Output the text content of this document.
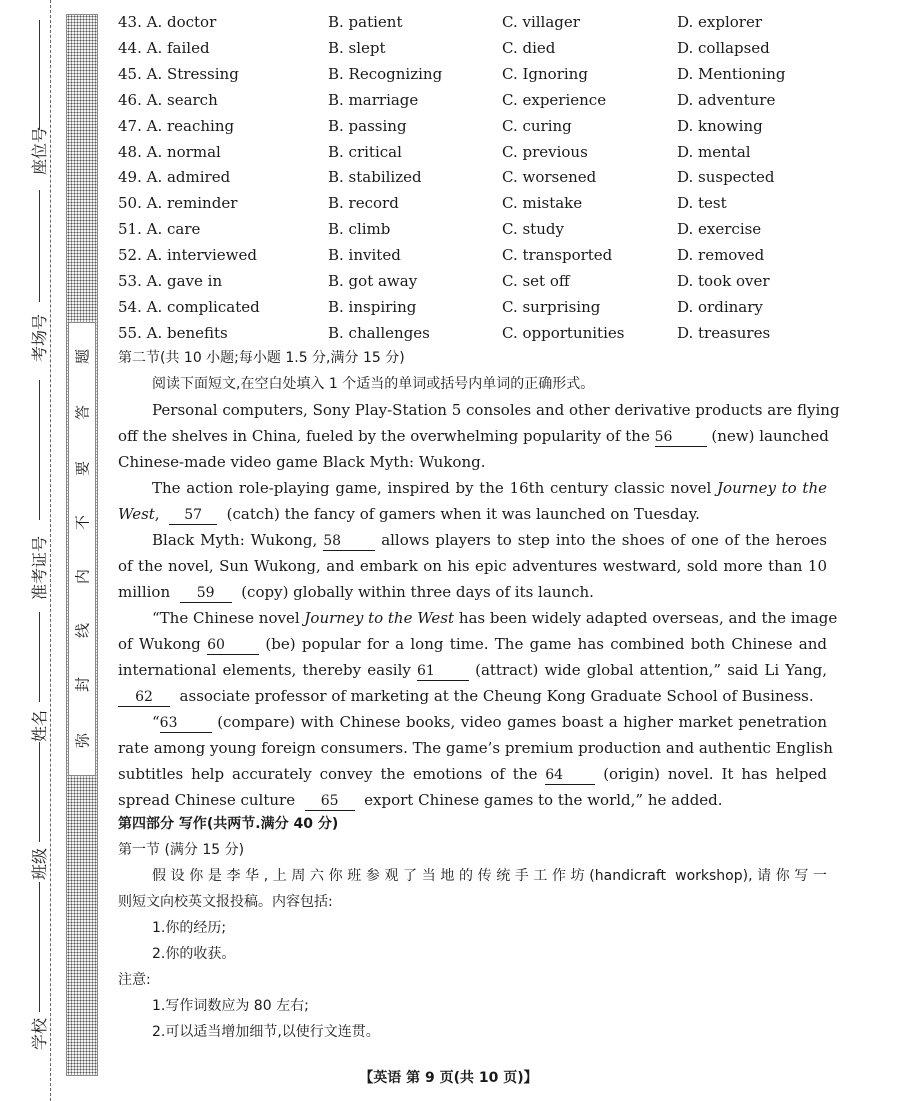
座位号
考场号
准考证号
姓名
班级
学校
题
答
要
不
内
线
封
弥
43. A. doctor	B. patient	C. villager	D. explorer
44. A. failed	B. slept	C. died	D. collapsed
45. A. Stressing	B. Recognizing	C. Ignoring	D. Mentioning
46. A. search	B. marriage	C. experience	D. adventure
47. A. reaching	B. passing	C. curing	D. knowing
48. A. normal	B. critical	C. previous	D. mental
49. A. admired	B. stabilized	C. worsened	D. suspected
50. A. reminder	B. record	C. mistake	D. test
51. A. care	B. climb	C. study	D. exercise
52. A. interviewed	B. invited	C. transported	D. removed
53. A. gave in	B. got away	C. set off	D. took over
54. A. complicated	B. inspiring	C. surprising	D. ordinary
55. A. benefits	B. challenges	C. opportunities	D. treasures
第二节(共 10 小题;每小题 1.5 分,满分 15 分)
阅读下面短文,在空白处填入 1 个适当的单词或括号内单词的正确形式。
Personal computers, Sony Play-Station 5 consoles and other derivative products are flying
off the shelves in China, fueled by the overwhelming popularity of the 56	(new) launched
Chinese-made video game Black Myth: Wukong.
The action role-playing game, inspired by the 16th century classic novel Journey to the
West, 57 (catch) the fancy of gamers when it was launched on Tuesday.
Black Myth: Wukong, 58	allows players to step into the shoes of one of the heroes
of the novel, Sun Wukong, and embark on his epic adventures westward, sold more than 10
million 59 (copy) globally within three days of its launch.
“The Chinese novel Journey to the West has been widely adapted overseas, and the image
of Wukong 60	(be) popular for a long time. The game has combined both Chinese and
international elements, thereby easily 61	(attract) wide global attention,” said Li Yang,
62 associate professor of marketing at the Cheung Kong Graduate School of Business.
“63	(compare) with Chinese books, video games boast a higher market penetration
rate among young foreign consumers. The game’s premium production and authentic English
subtitles help accurately convey the emotions of the 64	(origin) novel. It has helped
spread Chinese culture 65 export Chinese games to the world,” he added.
第四部分 写作(共两节.满分 40 分)
第一节 (满分 15 分)
假设你是李华,上周六你班参观了当地的传统手工作坊(handicraft workshop),请你写一
则短文向校英文报投稿。内容包括:
1.你的经历;
2.你的收获。
注意:
1.写作词数应为 80 左右;
2.可以适当增加细节,以使行文连贯。
【英语 第 9 页(共 10 页)】
